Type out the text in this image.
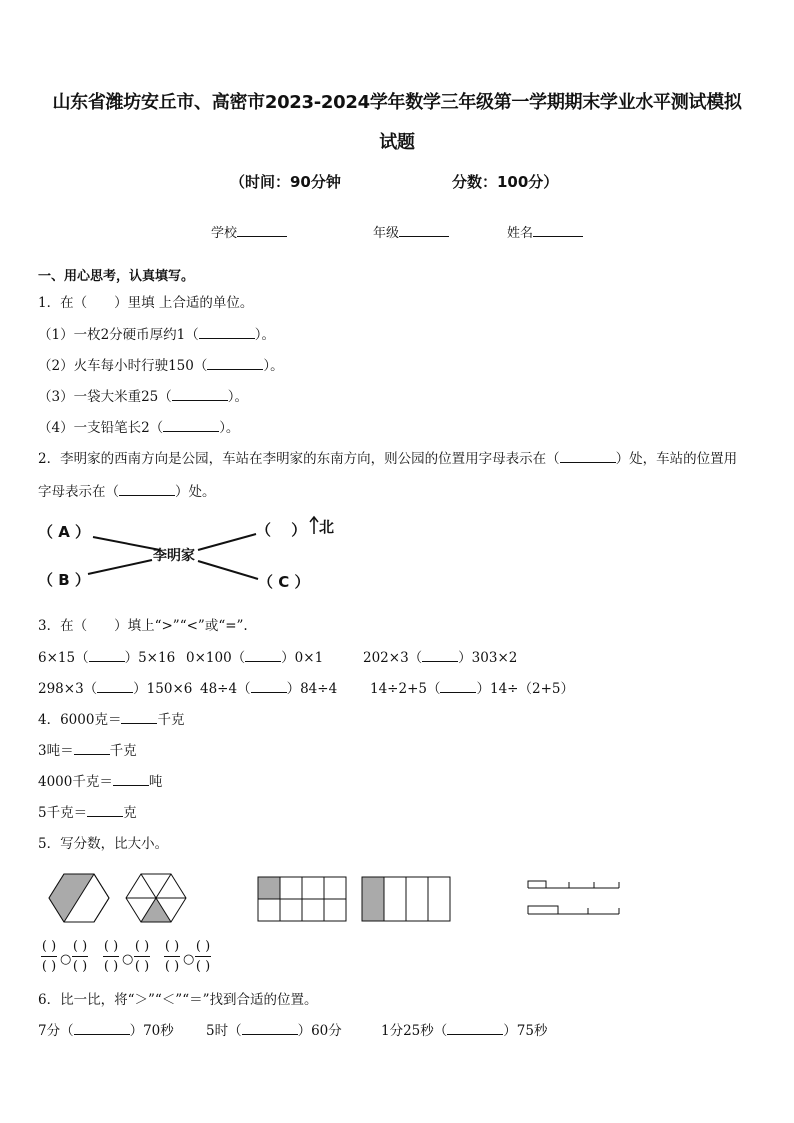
山东省潍坊安丘市、高密市2023-2024学年数学三年级第一学期期末学业水平测试模拟
试题
（时间：90分钟	分数：100分）
学校	年级	姓名
一、用心思考，认真填写。
1．在（　　）里填 上合适的单位。
（1）一枚2分硬币厚约1（	）。
（2）火车每小时行驶150（	）。
（3）一袋大米重25（	）。
（4）一支铅笔长2（	）。
2．李明家的西南方向是公园，车站在李明家的东南方向，则公园的位置用字母表示在（	）处，车站的位置用
字母表示在（	）处。
（ A ）
（ B ）
李明家
（　 ） 北
（ C ）
3．在（　　）填上“>”“<”或“=”.
6×15（	）5×16 0×100（	）0×1	202×3（	）303×2
298×3（	）150×6 48÷4（	）84÷4 14÷2+5（	）14÷（2+5）
4．6000克＝	千克
3吨＝	千克
4000千克＝	吨
5千克＝	克
5．写分数，比大小。
( )
( ) ○
( )
( )
( )
( ) ○
( )
( )
( )
( ) ○
( )
( )
6．比一比，将“＞”“＜”“＝”找到合适的位置。
7分（	）70秒 5时（	）60分	1分25秒（	）75秒
